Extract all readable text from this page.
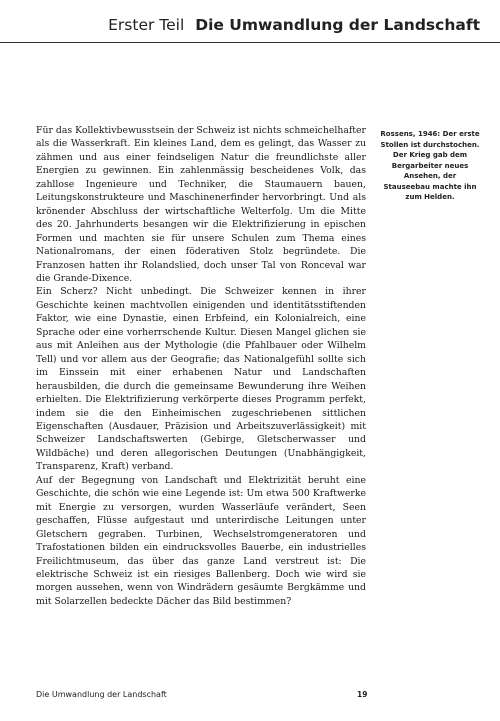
Erster Teil Die Umwandlung der Landschaft

Für das Kollektivbewusstsein der Schweiz ist nichts schmeichelhafter als die Wasserkraft. Ein kleines Land, dem es gelingt, das Wasser zu zähmen und aus einer feindseligen Natur die freundlichste aller Energien zu gewinnen. Ein zahlenmässig bescheidenes Volk, das zahllose Ingenieure und Techniker, die Staumauern bauen, Leitungskonstrukteure und Maschinenerfinder hervorbringt. Und als krönender Abschluss der wirtschaftliche Welterfolg. Um die Mitte des 20. Jahrhunderts besangen wir die Elektrifizierung in epischen Formen und machten sie für unsere Schulen zum Thema eines Nationalromans, der einen föderativen Stolz begründete. Die Franzosen hatten ihr Rolandslied, doch unser Tal von Ronceval war die Grande-Dixence.

Ein Scherz? Nicht unbedingt. Die Schweizer kennen in ihrer Geschichte keinen machtvollen einigenden und identitätsstiftenden Faktor, wie eine Dynastie, einen Erbfeind, ein Kolonialreich, eine Sprache oder eine vorherrschende Kultur. Diesen Mangel glichen sie aus mit Anleihen aus der Mythologie (die Pfahlbauer oder Wilhelm Tell) und vor allem aus der Geografie; das Nationalgefühl sollte sich im Einssein mit einer erhabenen Natur und Landschaften herausbilden, die durch die gemeinsame Bewunderung ihre Weihen erhielten. Die Elektrifizierung verkörperte dieses Programm perfekt, indem sie die den Einheimischen zugeschriebenen sittlichen Eigenschaften (Ausdauer, Präzision und Arbeitszuverlässigkeit) mit Schweizer Landschaftswerten (Gebirge, Gletscherwasser und Wildbäche) und deren allegorischen Deutungen (Unabhängigkeit, Transparenz, Kraft) verband.

Auf der Begegnung von Landschaft und Elektrizität beruht eine Geschichte, die schön wie eine Legende ist: Um etwa 500 Kraftwerke mit Energie zu versorgen, wurden Wasserläufe verändert, Seen geschaffen, Flüsse aufgestaut und unterirdische Leitungen unter Gletschern gegraben. Turbinen, Wechselstromgeneratoren und Trafostationen bilden ein eindrucksvolles Bauerbe, ein industrielles Freilichtmuseum, das über das ganze Land verstreut ist: Die elektrische Schweiz ist ein riesiges Ballenberg. Doch wie wird sie morgen aussehen, wenn von Windrädern gesäumte Bergkämme und mit Solarzellen bedeckte Dächer das Bild bestimmen?

Rossens, 1946: Der erste Stollen ist durchstochen. Der Krieg gab dem Bergarbeiter neues Ansehen, der Stauseebau machte ihn zum Helden.
Die Umwandlung der Landschaft	19
